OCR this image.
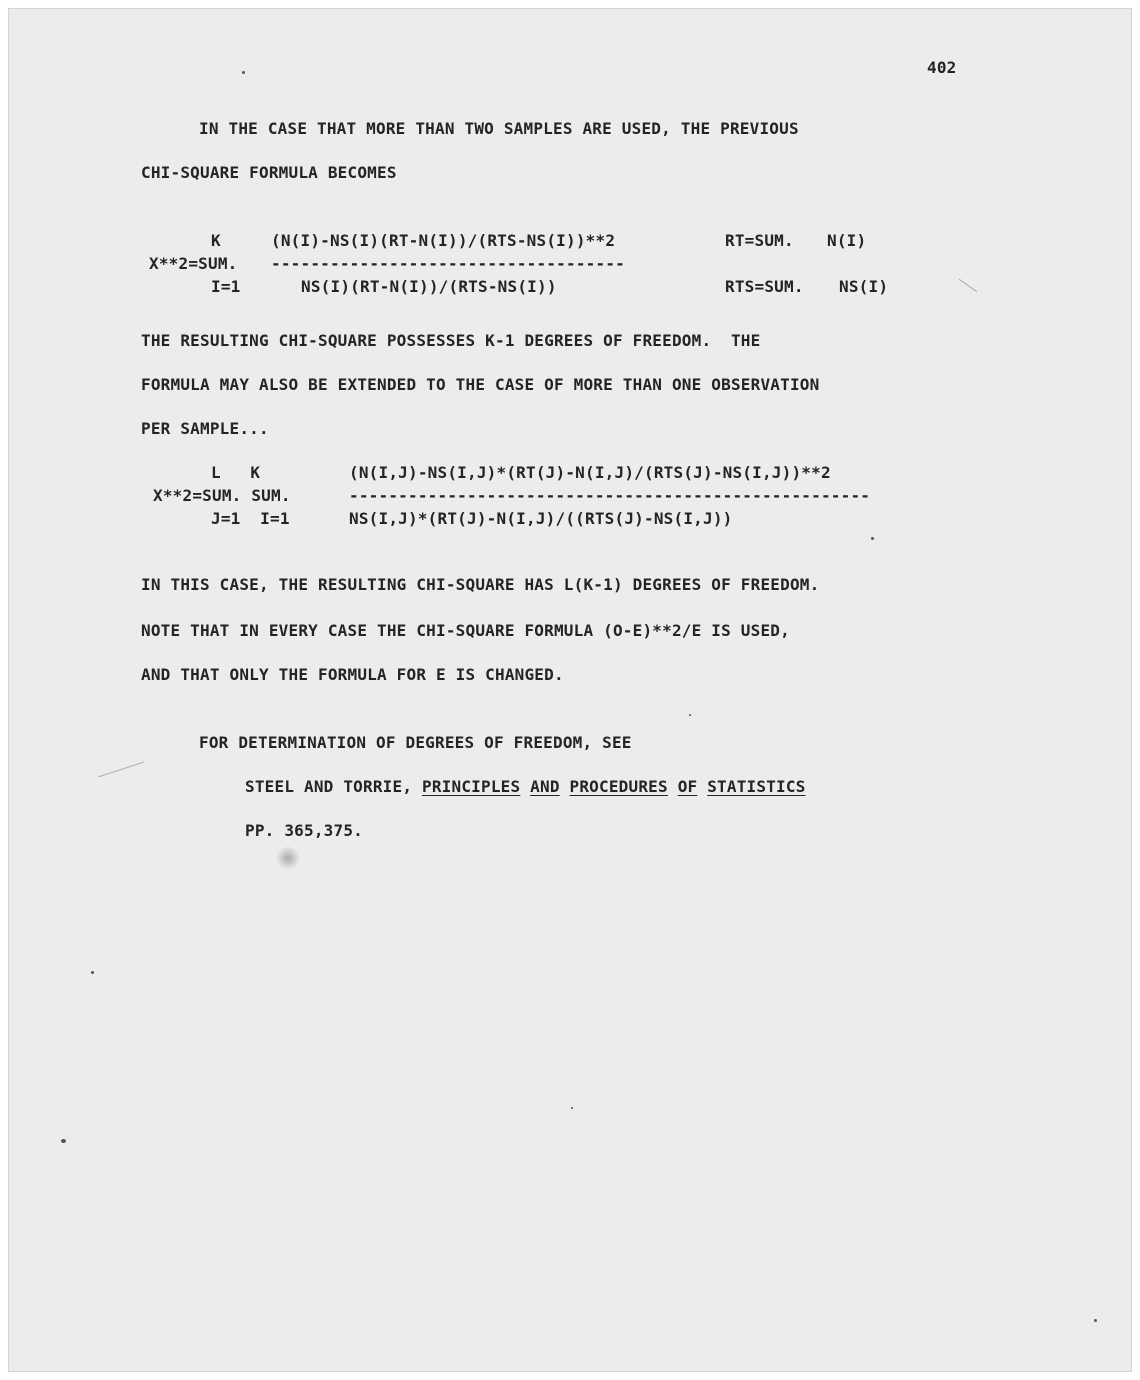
402

IN THE CASE THAT MORE THAN TWO SAMPLES ARE USED, THE PREVIOUS

CHI-SQUARE FORMULA BECOMES

K	(N(I)-NS(I)(RT-N(I))/(RTS-NS(I))**2	RT=SUM. N(I)

X**2=SUM. ------------------------------------

I=1	NS(I)(RT-N(I))/(RTS-NS(I))	RTS=SUM. NS(I)

THE RESULTING CHI-SQUARE POSSESSES K-1 DEGREES OF FREEDOM.  THE

FORMULA MAY ALSO BE EXTENDED TO THE CASE OF MORE THAN ONE OBSERVATION

PER SAMPLE...

L   K	(N(I,J)-NS(I,J)*(RT(J)-N(I,J)/(RTS(J)-NS(I,J))**2

X**2=SUM. SUM.	-----------------------------------------------------

J=1  I=1	NS(I,J)*(RT(J)-N(I,J)/((RTS(J)-NS(I,J))

IN THIS CASE, THE RESULTING CHI-SQUARE HAS L(K-1) DEGREES OF FREEDOM.

NOTE THAT IN EVERY CASE THE CHI-SQUARE FORMULA (O-E)**2/E IS USED,

AND THAT ONLY THE FORMULA FOR E IS CHANGED.

FOR DETERMINATION OF DEGREES OF FREEDOM, SEE

STEEL AND TORRIE, PRINCIPLES AND PROCEDURES OF STATISTICS

PP. 365,375.
